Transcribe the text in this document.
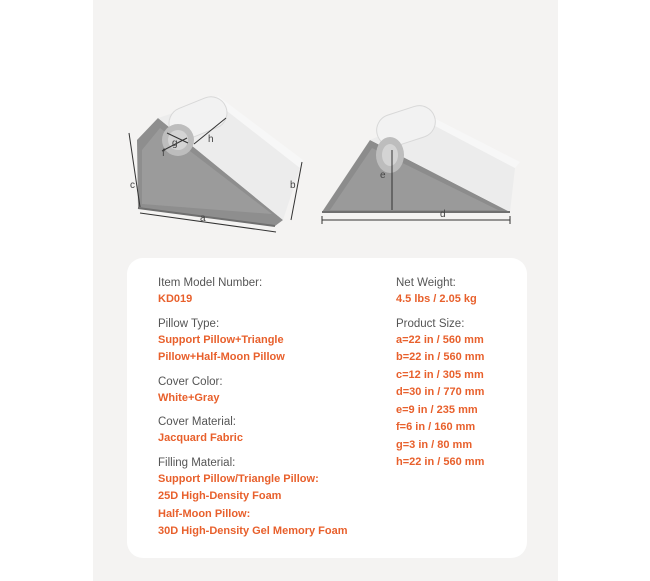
c
a
b
h
g
f
d
e

Item Model Number:

KD019

Pillow Type:

Support Pillow+Triangle

Pillow+Half-Moon Pillow

Cover Color:

White+Gray

Cover Material:

Jacquard Fabric

Filling Material:

Support Pillow/Triangle Pillow:

25D High-Density Foam

Half-Moon Pillow:

30D High-Density Gel Memory Foam

Net Weight:

4.5 lbs / 2.05 kg

Product Size:

a=22 in / 560 mm

b=22 in / 560 mm

c=12 in / 305 mm

d=30 in / 770 mm

e=9 in / 235 mm

f=6 in / 160 mm

g=3 in / 80 mm

h=22 in / 560 mm
